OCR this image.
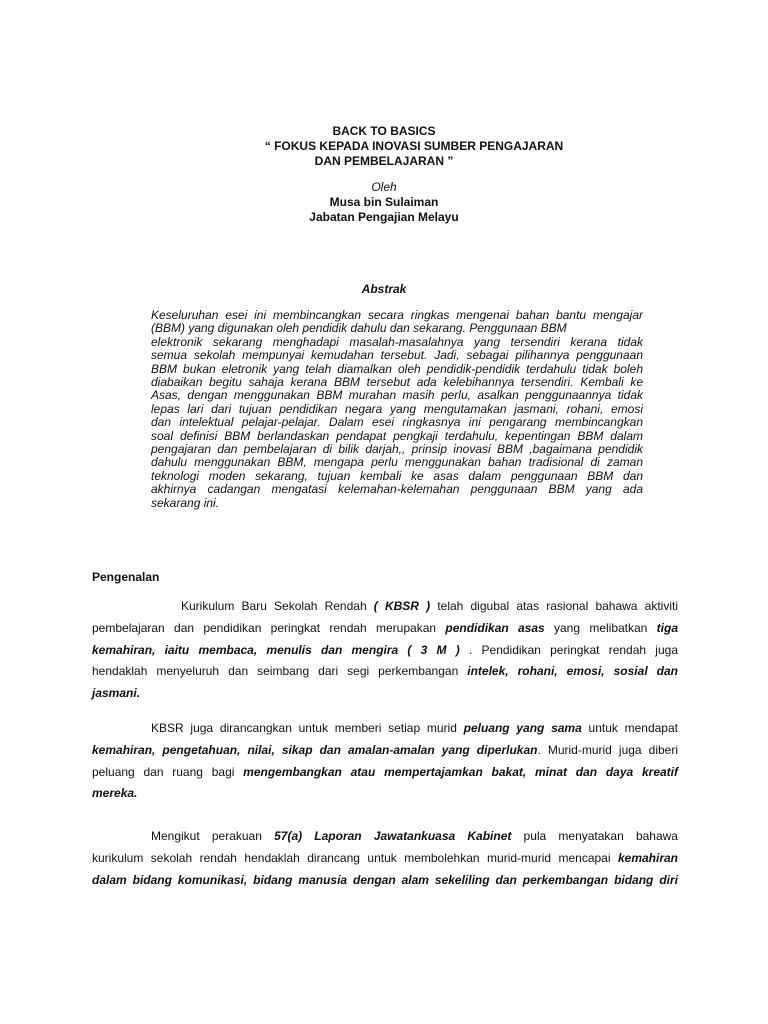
BACK TO BASICS
“ FOKUS KEPADA INOVASI SUMBER PENGAJARAN
DAN PEMBELAJARAN ”
Oleh
Musa bin Sulaiman
Jabatan Pengajian Melayu
Abstrak
Keseluruhan esei ini membincangkan secara ringkas mengenai bahan bantu mengajar
(BBM) yang digunakan oleh pendidik dahulu dan sekarang. Penggunaan BBM
elektronik sekarang menghadapi masalah-masalahnya yang tersendiri kerana tidak
semua sekolah mempunyai kemudahan tersebut. Jadi, sebagai pilihannya penggunaan
BBM bukan eletronik yang telah diamalkan oleh pendidik-pendidik terdahulu tidak boleh
diabaikan begitu sahaja kerana BBM tersebut ada kelebihannya tersendiri. Kembali ke
Asas, dengan menggunakan BBM murahan masih perlu, asalkan penggunaannya tidak
lepas lari dari tujuan pendidikan negara yang mengutamakan jasmani, rohani, emosi
dan intelektual pelajar-pelajar. Dalam esei ringkasnya ini pengarang membincangkan
soal definisi BBM berlandaskan pendapat pengkaji terdahulu, kepentingan BBM dalam
pengajaran dan pembelajaran di bilik darjah,, prinsip inovasi BBM ,bagaimana pendidik
dahulu menggunakan BBM, mengapa perlu menggunakan bahan tradisional di zaman
teknologi moden sekarang, tujuan kembali ke asas dalam penggunaan BBM dan
akhirnya cadangan mengatasi kelemahan-kelemahan penggunaan BBM yang ada
sekarang ini.
Pengenalan
Kurikulum Baru Sekolah Rendah ( KBSR ) telah digubal atas rasional bahawa aktiviti
pembelajaran dan pendidikan peringkat rendah merupakan pendidikan asas yang melibatkan tiga
kemahiran, iaitu membaca, menulis dan mengira ( 3 M ) . Pendidikan peringkat rendah juga
hendaklah menyeluruh dan seimbang dari segi perkembangan intelek, rohani, emosi, sosial dan
jasmani.
KBSR juga dirancangkan untuk memberi setiap murid peluang yang sama untuk mendapat
kemahiran, pengetahuan, nilai, sikap dan amalan-amalan yang diperlukan. Murid-murid juga diberi
peluang dan ruang bagi mengembangkan atau mempertajamkan bakat, minat dan daya kreatif
mereka.
Mengikut perakuan 57(a) Laporan Jawatankuasa Kabinet pula menyatakan bahawa
kurikulum sekolah rendah hendaklah dirancang untuk membolehkan murid-murid mencapai kemahiran
dalam bidang komunikasi, bidang manusia dengan alam sekeliling dan perkembangan bidang diri
